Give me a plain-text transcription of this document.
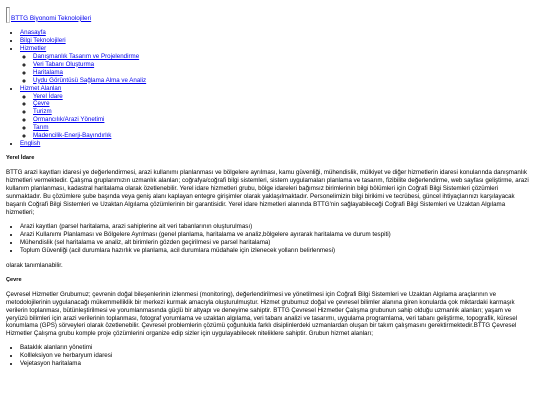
BTTG Biyonomi Teknolojileri
• Anasayfa
• Bilgi Teknolojileri
• Hizmetler
◦ Danışmanlık Tasarım ve Projelendirme
◦ Veri Tabanı Oluşturma
◦ Haritalama
◦ Uydu Görüntüsü Sağlama Alma ve Analiz
• Hizmet Alanları
◦ Yerel İdare
◦ Çevre
◦ Turizm
◦ Ormancılık/Arazi Yönetimi
◦ Tarım
◦ Madencilik-Enerji-Bayındırlık
• English
Yerel İdare

BTTG arazi kayıtları idaresi ye değerlendirmesi, arazi kullanımı planlanması ve bölgelere ayrılması, kamu güvenliği, mühendislik, mülkiyet ve diğer hizmetlerin idaresi konularında danışmanlık hizmetleri vermektedir. Çalışma gruplarımızın uzmanlık alanları; coğrafya/coğrafi bilgi sistemleri, sistem uygulamaları planlama ve tasarım, fizibilite değerlendirme, web sayfası geliştirme, arazi kullanım planlanması, kadastral haritalama olarak özetlenebilir. Yerel idare hizmetleri grubu, bölge idareleri bağımsız birimlerinin bilgi bölümleri için Coğrafi Bilgi Sistemleri çözümleri sunmaktadır. Bu çözümlere şube başında veya geniş alanı kaplayan entegre girişimler olarak yaklaşılmaktadır. Personelimizin bilgi birikimi ve tecrübesi, güncel ihtiyaçlarınızı karşılayacak başarılı Coğrafi Bilgi Sistemleri ve Uzaktan Algılama çözümlerinin bir garantisidir. Yerel idare hizmetleri alanında BTTG'nin sağlayabileceği Coğrafi Bilgi Sistemleri ve Uzaktan Algılama hizmetleri;

• Arazi kayıtları (parsel haritalama, arazi sahiplerine ait veri tabanlarının oluşturulması)
• Arazi Kullanımı Planlaması ve Bölgelere Ayrılması (genel planlama, haritalama ve analiz,bölgelere ayırarak haritalama ve durum tespiti)
• Mühendislik (sel haritalama ve analiz, alt birimlerin gözden geçirilmesi ve parsel haritalama)
• Toplum Güvenliği (acil durumlara hazırlık ve planlama, acil durumlara müdahale için izlenecek yolların belirlenmesi)

olarak tanımlanabilir.

Çevre

Çevresel Hizmetler Grubumuz; çevrenin doğal bileşenlerinin izlenmesi (monitoring), değerlendirilmesi ve yönetilmesi için Coğrafi Bilgi Sistemleri ve Uzaktan Algılama araçlarının ve metodolojilerinin uygulanacağı mükemmelliklik bir merkezi kurmak amacıyla oluşturulmuştur. Hizmet grubumuz doğal ve çevresel bilimler alanına giren konularda çok miktardaki karmaşık verilerin toplanması, bütünleştirilmesi ve yorumlanmasında güçlü bir altyapı ve deneyime sahiptir. BTTG Çevresel Hizmetler Çalışma grubunun sahip olduğu uzmanlık alanları; yaşam ve yeryüzü bilimleri için arazi verilerinin toplanması, fotograf yorumlama ve uzaktan algılama, veri tabanı analizi ve tasarımı, uygulama programlama, veri tabanı geliştirme, topografik, küresel konumlama (GPS) sörveyleri olarak özetlenebilir. Çevresel problemlerin çözümü çoğunlukla farklı disiplinlerdeki uzmanlardan oluşan bir takım çalışmasını gerektirmektedir.BTTG Çevresel Hizmetler Çalışma grubu komple proje çözümlerini organize edip sizler için uygulayabilecek niteliklere sahiptir. Grubun hizmet alanları;

• Bataklık alanların yönetimi
• Kollleksiyon ve herbaryum idaresi
• Vejetasyon haritalama
